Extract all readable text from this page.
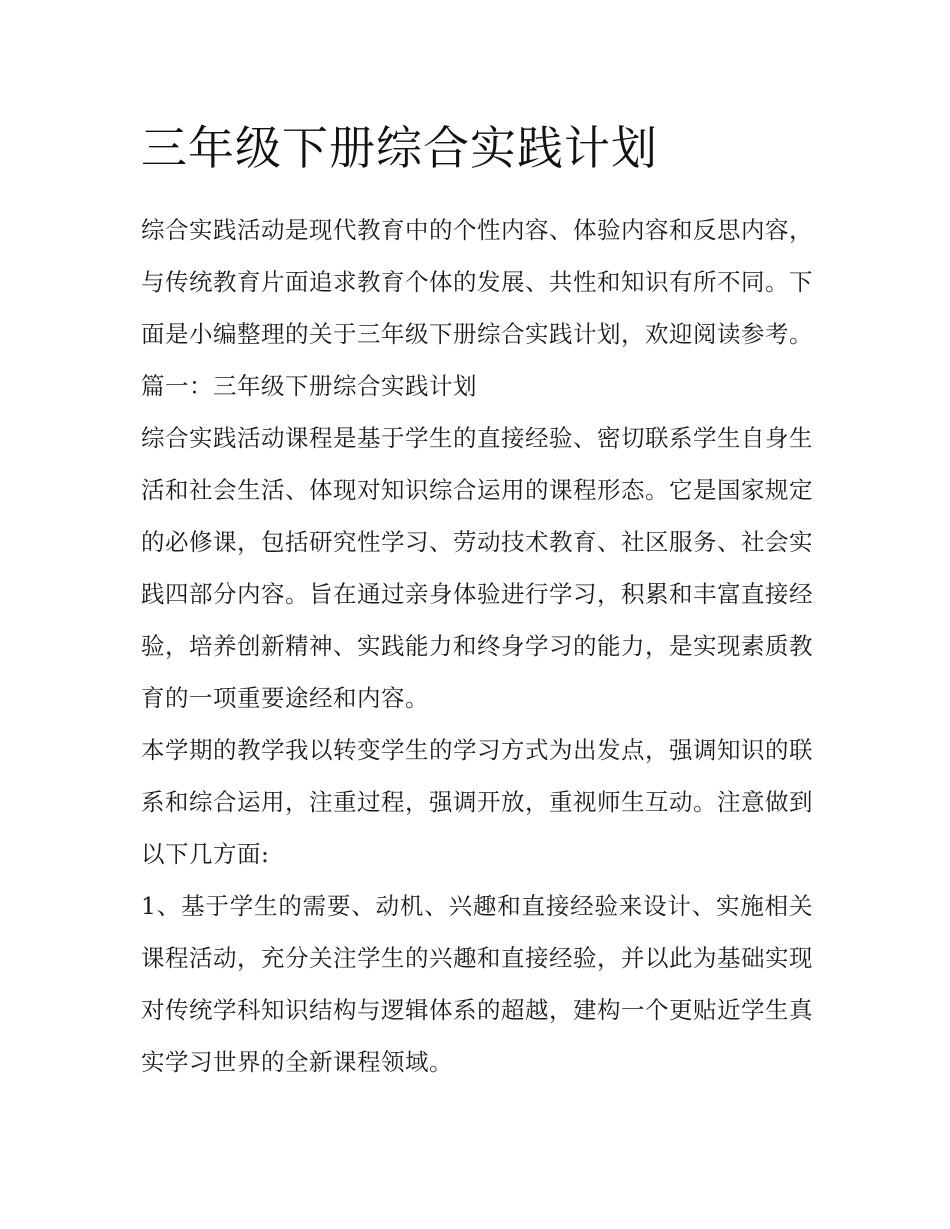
三年级下册综合实践计划

综合实践活动是现代教育中的个性内容、体验内容和反思内容，与传统教育片面追求教育个体的发展、共性和知识有所不同。下面是小编整理的关于三年级下册综合实践计划，欢迎阅读参考。

篇一：三年级下册综合实践计划

综合实践活动课程是基于学生的直接经验、密切联系学生自身生活和社会生活、体现对知识综合运用的课程形态。它是国家规定的必修课，包括研究性学习、劳动技术教育、社区服务、社会实践四部分内容。旨在通过亲身体验进行学习，积累和丰富直接经验，培养创新精神、实践能力和终身学习的能力，是实现素质教育的一项重要途经和内容。

本学期的教学我以转变学生的学习方式为出发点，强调知识的联系和综合运用，注重过程，强调开放，重视师生互动。注意做到以下几方面:

1、基于学生的需要、动机、兴趣和直接经验来设计、实施相关课程活动，充分关注学生的兴趣和直接经验，并以此为基础实现对传统学科知识结构与逻辑体系的超越，建构一个更贴近学生真实学习世界的全新课程领域。
